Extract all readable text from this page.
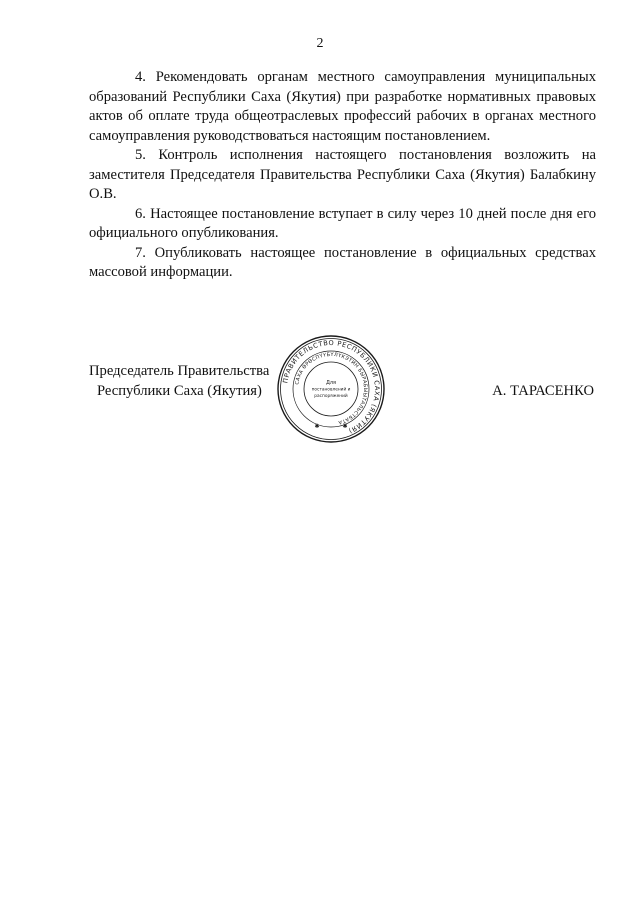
2

4. Рекомендовать органам местного самоуправления муниципальных образований Республики Саха (Якутия) при разработке нормативных правовых актов об оплате труда общеотраслевых профессий рабочих в органах местного самоуправления руководствоваться настоящим постановлением.

5. Контроль исполнения настоящего постановления возложить на заместителя Председателя Правительства Республики Саха (Якутия) Балабкину О.В.

6. Настоящее постановление вступает в силу через 10 дней после дня его официального опубликования.

7. Опубликовать настоящее постановление в официальных средствах массовой информации.

Председатель Правительства
Республики Саха (Якутия)	А. ТАРАСЕНКО
ПРАВИТЕЛЬСТВО РЕСПУБЛИКИ САХА (ЯКУТИЯ)
САХА ӨРӨСПҮҮБҮЛҮКЭТИН БЫРАБЫЫТАЛЬСТБАТА
Для
постановлений и
распоряжений
✱	✱
